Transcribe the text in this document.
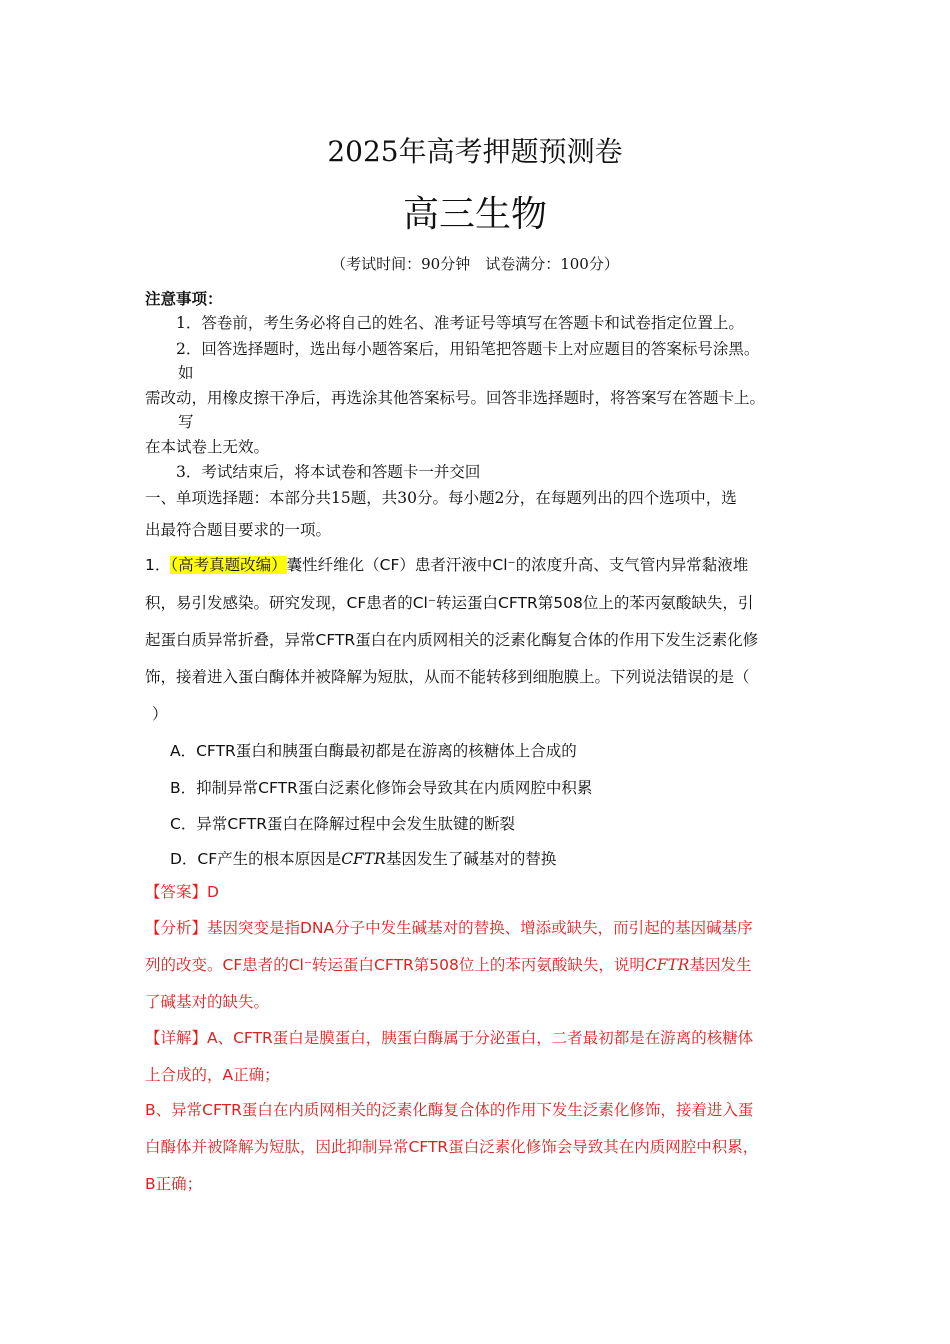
2025年高考押题预测卷
高三生物
（考试时间：90分钟　试卷满分：100分）
注意事项：
1．答卷前，考生务必将自己的姓名、准考证号等填写在答题卡和试卷指定位置上。
2．回答选择题时，选出每小题答案后，用铅笔把答题卡上对应题目的答案标号涂黑。
如
需改动，用橡皮擦干净后，再选涂其他答案标号。回答非选择题时，将答案写在答题卡上。
写
在本试卷上无效。
3．考试结束后，将本试卷和答题卡一并交回
一、单项选择题：本部分共15题，共30分。每小题2分，在每题列出的四个选项中，选
出最符合题目要求的一项。
1．（高考真题改编）囊性纤维化（CF）患者汗液中Cl⁻的浓度升高、支气管内异常黏液堆
积，易引发感染。研究发现，CF患者的Cl⁻转运蛋白CFTR第508位上的苯丙氨酸缺失，引
起蛋白质异常折叠，异常CFTR蛋白在内质网相关的泛素化酶复合体的作用下发生泛素化修
饰，接着进入蛋白酶体并被降解为短肽，从而不能转移到细胞膜上。下列说法错误的是（
）
A．CFTR蛋白和胰蛋白酶最初都是在游离的核糖体上合成的
B．抑制异常CFTR蛋白泛素化修饰会导致其在内质网腔中积累
C．异常CFTR蛋白在降解过程中会发生肽键的断裂
D．CF产生的根本原因是CFTR基因发生了碱基对的替换
【答案】D
【分析】基因突变是指DNA分子中发生碱基对的替换、增添或缺失，而引起的基因碱基序
列的改变。CF患者的Cl⁻转运蛋白CFTR第508位上的苯丙氨酸缺失，说明CFTR基因发生
了碱基对的缺失。
【详解】A、CFTR蛋白是膜蛋白，胰蛋白酶属于分泌蛋白，二者最初都是在游离的核糖体
上合成的，A正确；
B、异常CFTR蛋白在内质网相关的泛素化酶复合体的作用下发生泛素化修饰，接着进入蛋
白酶体并被降解为短肽，因此抑制异常CFTR蛋白泛素化修饰会导致其在内质网腔中积累，
B正确；
